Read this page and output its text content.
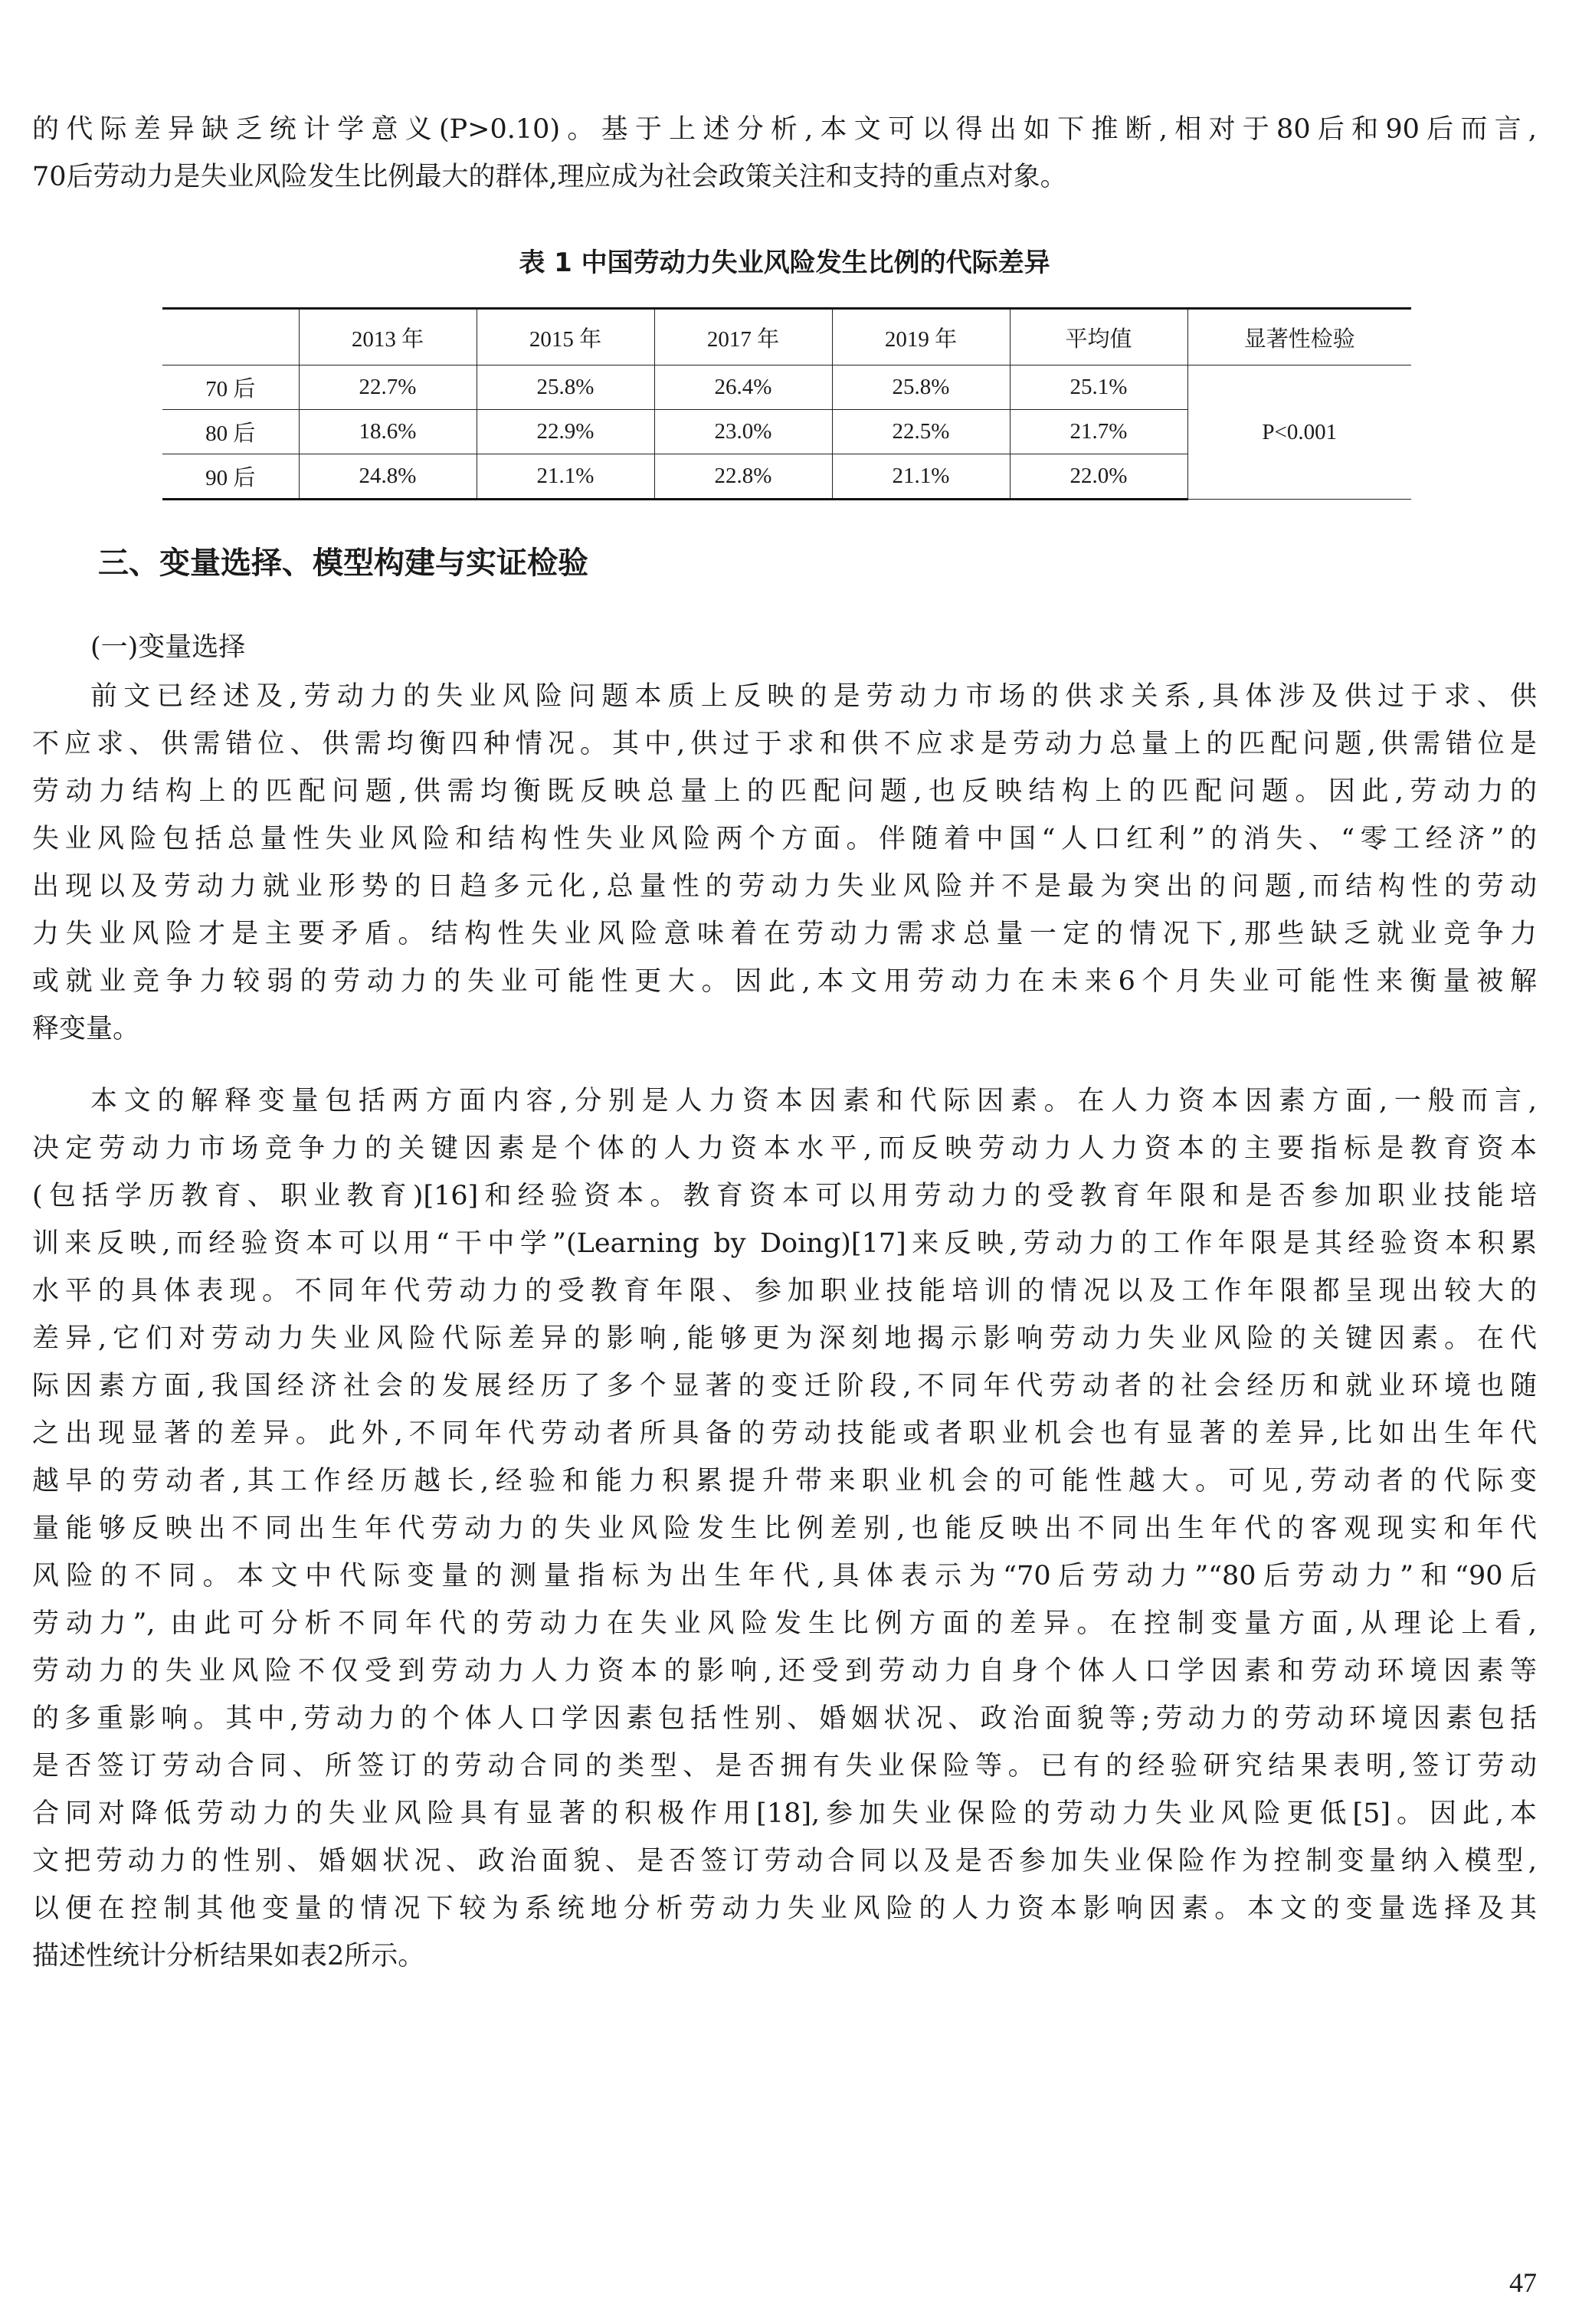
的代际差异缺乏统计学意义(P>0.10)。基于上述分析,本文可以得出如下推断,相对于80后和90后而言,
70后劳动力是失业风险发生比例最大的群体,理应成为社会政策关注和支持的重点对象。
表 1 中国劳动力失业风险发生比例的代际差异
	2013 年	2015 年	2017 年	2019 年	平均值	显著性检验
70 后	22.7%	25.8%	26.4%	25.8%	25.1%	P<0.001
80 后	18.6%	22.9%	23.0%	22.5%	21.7%	
90 后	24.8%	21.1%	22.8%	21.1%	22.0%	
三、变量选择、模型构建与实证检验
(一)变量选择
前文已经述及,劳动力的失业风险问题本质上反映的是劳动力市场的供求关系,具体涉及供过于求、供
不应求、供需错位、供需均衡四种情况。其中,供过于求和供不应求是劳动力总量上的匹配问题,供需错位是
劳动力结构上的匹配问题,供需均衡既反映总量上的匹配问题,也反映结构上的匹配问题。因此,劳动力的
失业风险包括总量性失业风险和结构性失业风险两个方面。伴随着中国“人口红利”的消失、“零工经济”的
出现以及劳动力就业形势的日趋多元化,总量性的劳动力失业风险并不是最为突出的问题,而结构性的劳动
力失业风险才是主要矛盾。结构性失业风险意味着在劳动力需求总量一定的情况下,那些缺乏就业竞争力
或就业竞争力较弱的劳动力的失业可能性更大。因此,本文用劳动力在未来6个月失业可能性来衡量被解
释变量。
本文的解释变量包括两方面内容,分别是人力资本因素和代际因素。在人力资本因素方面,一般而言,
决定劳动力市场竞争力的关键因素是个体的人力资本水平,而反映劳动力人力资本的主要指标是教育资本
(包括学历教育、职业教育)[16]和经验资本。教育资本可以用劳动力的受教育年限和是否参加职业技能培
训来反映,而经验资本可以用“干中学”(Learning by Doing)[17]来反映,劳动力的工作年限是其经验资本积累
水平的具体表现。不同年代劳动力的受教育年限、参加职业技能培训的情况以及工作年限都呈现出较大的
差异,它们对劳动力失业风险代际差异的影响,能够更为深刻地揭示影响劳动力失业风险的关键因素。在代
际因素方面,我国经济社会的发展经历了多个显著的变迁阶段,不同年代劳动者的社会经历和就业环境也随
之出现显著的差异。此外,不同年代劳动者所具备的劳动技能或者职业机会也有显著的差异,比如出生年代
越早的劳动者,其工作经历越长,经验和能力积累提升带来职业机会的可能性越大。可见,劳动者的代际变
量能够反映出不同出生年代劳动力的失业风险发生比例差别,也能反映出不同出生年代的客观现实和年代
风险的不同。本文中代际变量的测量指标为出生年代,具体表示为“70后劳动力”“80后劳动力”和“90后
劳动力”, 由此可分析不同年代的劳动力在失业风险发生比例方面的差异。在控制变量方面,从理论上看,
劳动力的失业风险不仅受到劳动力人力资本的影响,还受到劳动力自身个体人口学因素和劳动环境因素等
的多重影响。其中,劳动力的个体人口学因素包括性别、婚姻状况、政治面貌等;劳动力的劳动环境因素包括
是否签订劳动合同、所签订的劳动合同的类型、是否拥有失业保险等。已有的经验研究结果表明,签订劳动
合同对降低劳动力的失业风险具有显著的积极作用[18],参加失业保险的劳动力失业风险更低[5]。因此,本
文把劳动力的性别、婚姻状况、政治面貌、是否签订劳动合同以及是否参加失业保险作为控制变量纳入模型,
以便在控制其他变量的情况下较为系统地分析劳动力失业风险的人力资本影响因素。本文的变量选择及其
描述性统计分析结果如表2所示。
47
